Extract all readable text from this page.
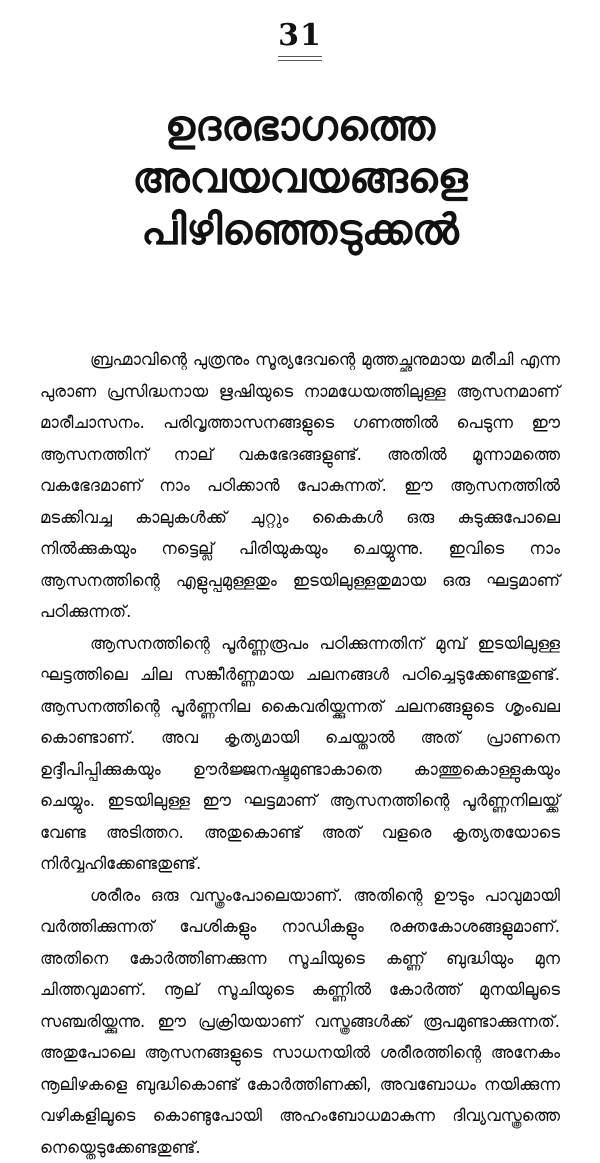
31
ഉദരഭാഗത്തെ
അവയവയങ്ങളെ
പിഴിഞ്ഞെടുക്കൽ

ബ്രഹ്മാവിന്റെ പുത്രനും സൂര്യദേവന്റെ മുത്തച്ഛനുമായ മരീചി എന്ന പുരാണ പ്രസിദ്ധനായ ഋഷിയുടെ നാമധേയത്തിലുള്ള ആസനമാണ് മാരീചാസനം. പരിവൃത്താസനങ്ങളുടെ ഗണത്തിൽ പെടുന്ന ഈ ആസനത്തിന് നാല് വകഭേദങ്ങളുണ്ട്. അതിൽ മൂന്നാമത്തെ വകഭേദമാണ് നാം പഠിക്കാൻ പോകുന്നത്. ഈ ആസനത്തിൽ മടക്കിവച്ച കാലുകൾക്ക് ചുറ്റും കൈകൾ ഒരു കുടുക്കുപോലെ നിൽക്കുകയും നട്ടെല്ല് പിരിയുകയും ചെയ്യുന്നു. ഇവിടെ നാം ആസനത്തിന്റെ എളുപ്പമുള്ളതും ഇടയിലുള്ളതുമായ ഒരു ഘട്ടമാണ് പഠിക്കുന്നത്.

ആസനത്തിന്റെ പൂർണ്ണരൂപം പഠിക്കുന്നതിന് മുമ്പ് ഇടയിലുള്ള ഘട്ടത്തിലെ ചില സങ്കീർണ്ണമായ ചലനങ്ങൾ പഠിച്ചെടുക്കേണ്ടതുണ്ട്. ആസനത്തിന്റെ പൂർണ്ണനില കൈവരിയ്ക്കുന്നത് ചലനങ്ങളുടെ ശൃംഖല കൊണ്ടാണ്. അവ കൃത്യമായി ചെയ്താൽ അത് പ്രാണനെ ഉദ്ദീപിപ്പിക്കുകയും ഊർജ്ജനഷ്ടമുണ്ടാകാതെ കാത്തുകൊള്ളുകയും ചെയ്യും. ഇടയിലുള്ള ഈ ഘട്ടമാണ് ആസനത്തിന്റെ പൂർണ്ണനിലയ്ക്ക് വേണ്ട അടിത്തറ. അതുകൊണ്ട് അത് വളരെ കൃത്യതയോടെ നിർവ്വഹിക്കേണ്ടതുണ്ട്.

ശരീരം ഒരു വസ്ത്രംപോലെയാണ്. അതിന്റെ ഊടും പാവുമായി വർത്തിക്കുന്നത് പേശികളും നാഡികളും രക്തകോശങ്ങളുമാണ്. അതിനെ കോർത്തിണക്കുന്ന സൂചിയുടെ കണ്ണ് ബുദ്ധിയും മുന ചിത്തവുമാണ്. നൂല് സൂചിയുടെ കണ്ണിൽ കോർത്ത് മുനയിലൂടെ സഞ്ചരിയ്ക്കുന്നു. ഈ പ്രക്രിയയാണ് വസ്ത്രങ്ങൾക്ക് രൂപമുണ്ടാക്കുന്നത്. അതുപോലെ ആസനങ്ങളുടെ സാധനയിൽ ശരീരത്തിന്റെ അനേകം നൂലിഴകളെ ബുദ്ധികൊണ്ട് കോർത്തിണക്കി, അവബോധം നയിക്കുന്ന വഴികളിലൂടെ കൊണ്ടുപോയി അഹംബോധമാകുന്ന ദിവ്യവസ്ത്രത്തെ നെയ്തെടുക്കേണ്ടതുണ്ട്.
